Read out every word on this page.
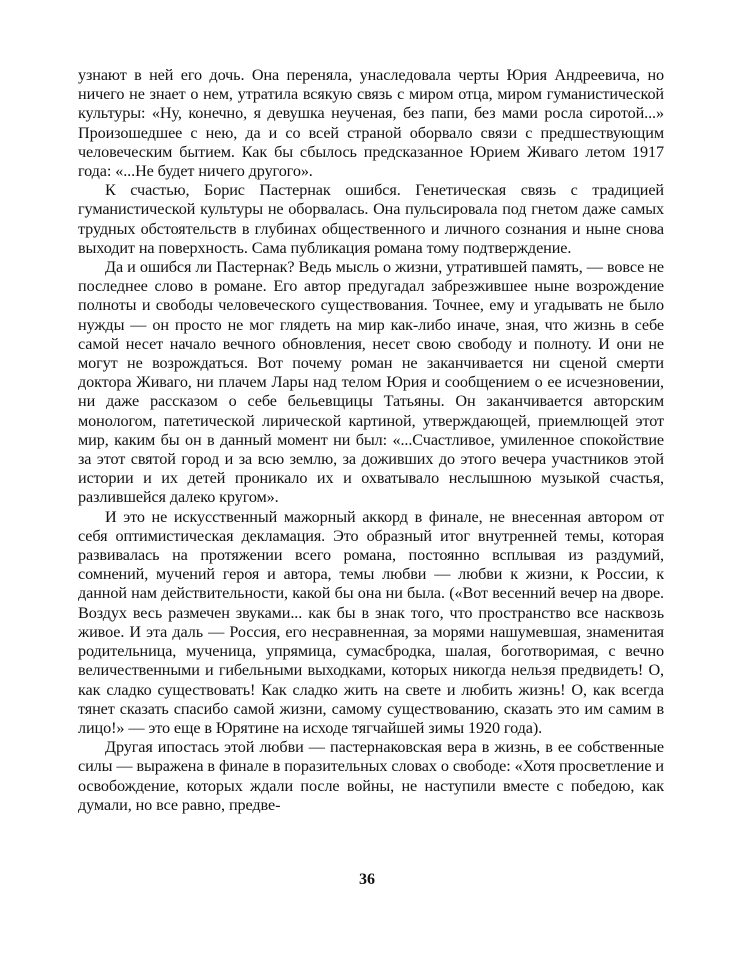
узнают в ней его дочь. Она переняла, унаследовала черты Юрия Андреевича, но ничего не знает о нем, утратила всякую связь с миром отца, миром гуманистической культуры: «Ну, конечно, я девушка неученая, без папи, без мами росла сиротой...» Произошедшее с нею, да и со всей страной оборвало связи с предшествующим человеческим бытием. Как бы сбылось предсказанное Юрием Живаго летом 1917 года: «...Не будет ничего другого».

К счастью, Борис Пастернак ошибся. Генетическая связь с традицией гуманистической культуры не оборвалась. Она пульсировала под гнетом даже самых трудных обстоятельств в глубинах общественного и личного сознания и ныне снова выходит на поверхность. Сама публикация романа тому подтверждение.

Да и ошибся ли Пастернак? Ведь мысль о жизни, утратившей память, — вовсе не последнее слово в романе. Его автор предугадал забрезжившее ныне возрождение полноты и свободы человеческого существования. Точнее, ему и угадывать не было нужды — он просто не мог глядеть на мир как-либо иначе, зная, что жизнь в себе самой несет начало вечного обновления, несет свою свободу и полноту. И они не могут не возрождаться. Вот почему роман не заканчивается ни сценой смерти доктора Живаго, ни плачем Лары над телом Юрия и сообщением о ее исчезновении, ни даже рассказом о себе бельевщицы Татьяны. Он заканчивается авторским монологом, патетической лирической картиной, утверждающей, приемлющей этот мир, каким бы он в данный момент ни был: «...Счастливое, умиленное спокойствие за этот святой город и за всю землю, за доживших до этого вечера участников этой истории и их детей проникало их и охватывало неслышною музыкой счастья, разлившейся далеко кругом».

И это не искусственный мажорный аккорд в финале, не внесенная автором от себя оптимистическая декламация. Это образный итог внутренней темы, которая развивалась на протяжении всего романа, постоянно всплывая из раздумий, сомнений, мучений героя и автора, темы любви — любви к жизни, к России, к данной нам действительности, какой бы она ни была. («Вот весенний вечер на дворе. Воздух весь размечен звуками... как бы в знак того, что пространство все насквозь живое. И эта даль — Россия, его несравненная, за морями нашумевшая, знаменитая родительница, мученица, упрямица, сумасбродка, шалая, боготворимая, с вечно величественными и гибельными выходками, которых никогда нельзя предвидеть! О, как сладко существовать! Как сладко жить на свете и любить жизнь! О, как всегда тянет сказать спасибо самой жизни, самому существованию, сказать это им самим в лицо!» — это еще в Юрятине на исходе тягчайшей зимы 1920 года).

Другая ипостась этой любви — пастернаковская вера в жизнь, в ее собственные силы — выражена в финале в поразительных словах о свободе: «Хотя просветление и освобождение, которых ждали после войны, не наступили вместе с победою, как думали, но все равно, предвe-

36
